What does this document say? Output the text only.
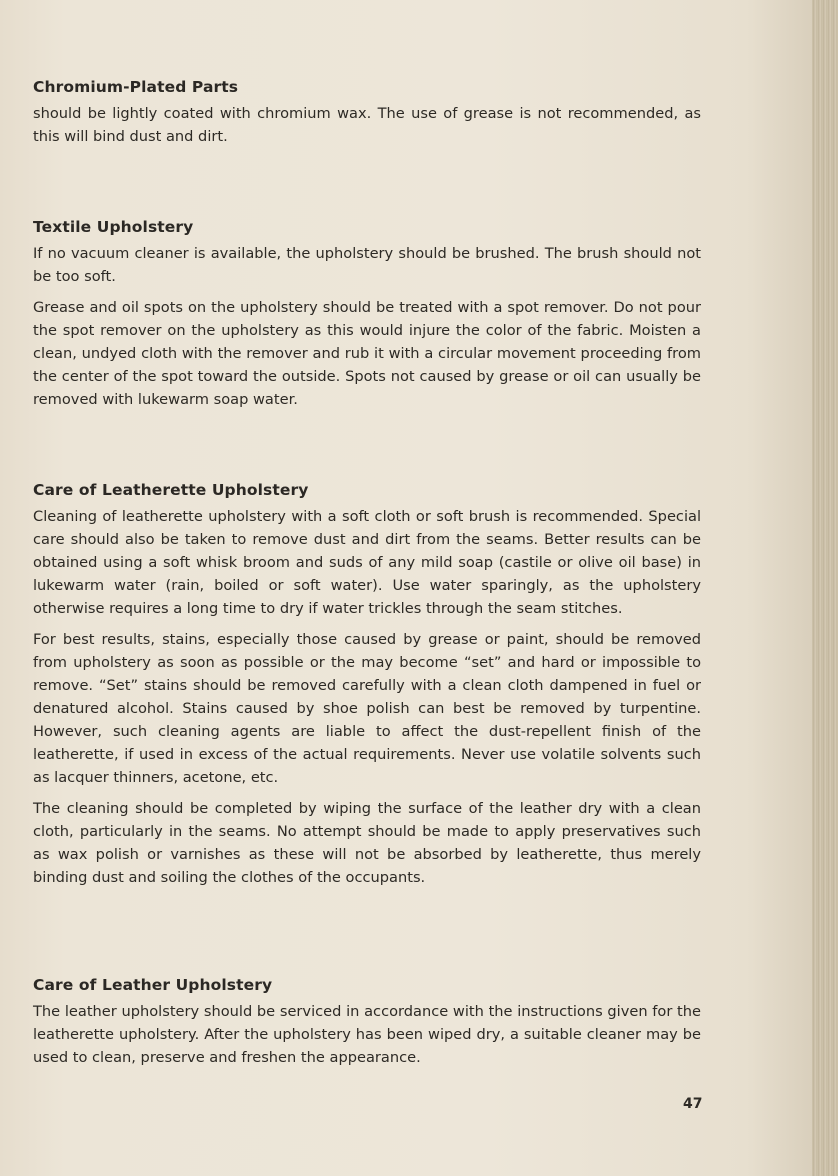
Chromium-Plated Parts

should be lightly coated with chromium wax. The use of grease is not recommended, as this will bind dust and dirt.

Textile Upholstery

If no vacuum cleaner is available, the upholstery should be brushed. The brush should not be too soft.

Grease and oil spots on the upholstery should be treated with a spot remover. Do not pour the spot remover on the upholstery as this would injure the color of the fabric. Moisten a clean, undyed cloth with the remover and rub it with a circular movement proceeding from the center of the spot toward the outside. Spots not caused by grease or oil can usually be removed with lukewarm soap water.

Care of Leatherette Upholstery

Cleaning of leatherette upholstery with a soft cloth or soft brush is recommended. Special care should also be taken to remove dust and dirt from the seams. Better results can be obtained using a soft whisk broom and suds of any mild soap (castile or olive oil base) in lukewarm water (rain, boiled or soft water). Use water sparingly, as the upholstery otherwise requires a long time to dry if water trickles through the seam stitches.

For best results, stains, especially those caused by grease or paint, should be removed from upholstery as soon as possible or the may become “set” and hard or impossible to remove. “Set” stains should be removed carefully with a clean cloth dampened in fuel or denatured alcohol. Stains caused by shoe polish can best be removed by turpentine. However, such cleaning agents are liable to affect the dust-repellent finish of the leatherette, if used in excess of the actual requirements. Never use volatile solvents such as lacquer thinners, acetone, etc.

The cleaning should be completed by wiping the surface of the leather dry with a clean cloth, particularly in the seams. No attempt should be made to apply preservatives such as wax polish or varnishes as these will not be absorbed by leatherette, thus merely binding dust and soiling the clothes of the occupants.

Care of Leather Upholstery

The leather upholstery should be serviced in accordance with the instructions given for the leatherette upholstery. After the upholstery has been wiped dry, a suitable cleaner may be used to clean, preserve and freshen the appearance.

47
